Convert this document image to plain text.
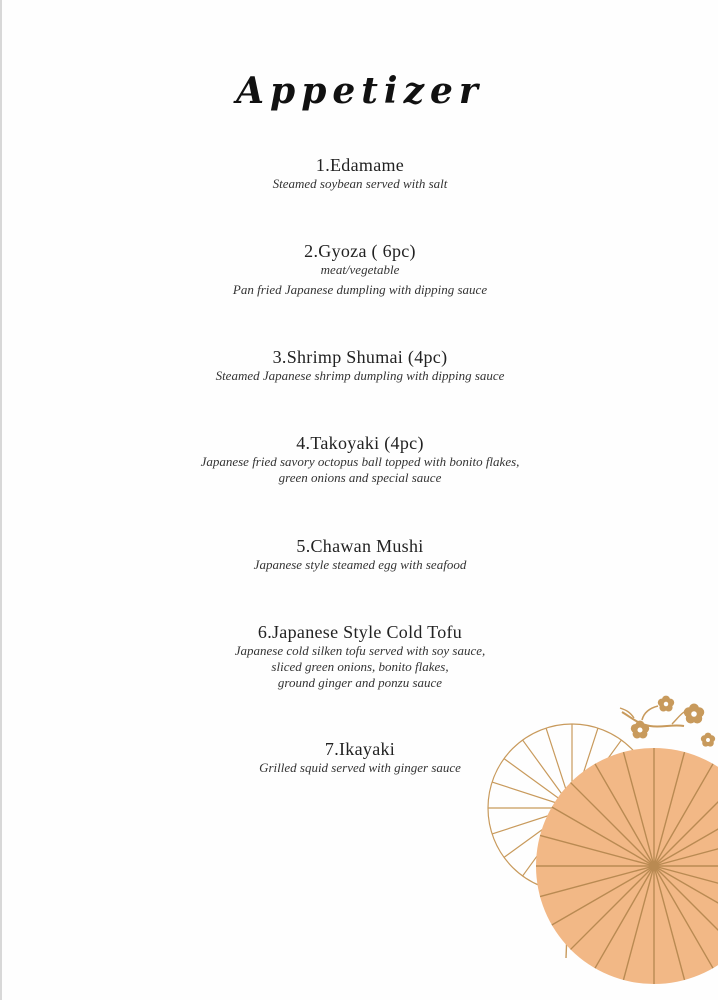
Appetizer
1.Edamame
Steamed soybean served with salt
2.Gyoza ( 6pc)
meat/vegetable
Pan fried Japanese dumpling with dipping sauce
3.Shrimp Shumai (4pc)
Steamed Japanese shrimp dumpling with dipping sauce
4.Takoyaki (4pc)
Japanese fried savory octopus ball topped with bonito flakes,
green onions and special sauce
5.Chawan Mushi
Japanese style steamed egg with seafood
6.Japanese Style Cold Tofu
Japanese cold silken tofu served with soy sauce,
sliced green onions, bonito flakes,
ground ginger and ponzu sauce
7.Ikayaki
Grilled squid served with ginger sauce
